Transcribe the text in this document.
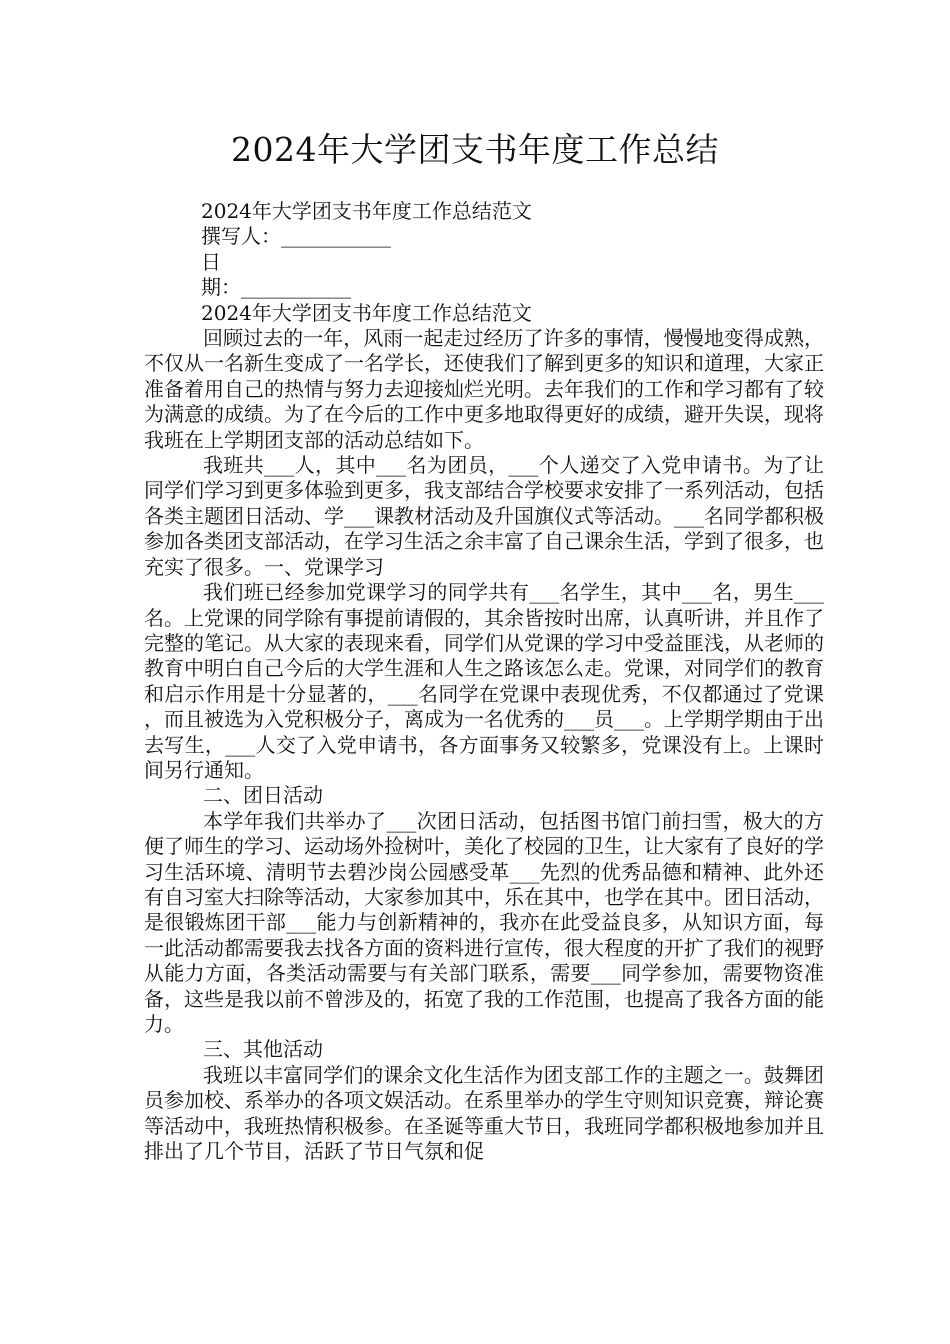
2024年大学团支书年度工作总结
2024年大学团支书年度工作总结范文
撰写人：___________
日
期：___________
2024年大学团支书年度工作总结范文

回顾过去的一年，风雨一起走过经历了许多的事情，慢慢地变得成熟，不仅从一名新生变成了一名学长，还使我们了解到更多的知识和道理，大家正准备着用自己的热情与努力去迎接灿烂光明。去年我们的工作和学习都有了较为满意的成绩。为了在今后的工作中更多地取得更好的成绩，避开失误，现将我班在上学期团支部的活动总结如下。

我班共___人，其中___名为团员，___个人递交了入党申请书。为了让同学们学习到更多体验到更多，我支部结合学校要求安排了一系列活动，包括各类主题团日活动、学___课教材活动及升国旗仪式等活动。___名同学都积极参加各类团支部活动，在学习生活之余丰富了自己课余生活，学到了很多，也充实了很多。一、党课学习

我们班已经参加党课学习的同学共有___名学生，其中___名，男生___名。上党课的同学除有事提前请假的，其余皆按时出席，认真听讲，并且作了完整的笔记。从大家的表现来看，同学们从党课的学习中受益匪浅，从老师的教育中明白自己今后的大学生涯和人生之路该怎么走。党课，对同学们的教育和启示作用是十分显著的，___名同学在党课中表现优秀，不仅都通过了党课，而且被选为入党积极分子，离成为一名优秀的___员___。上学期学期由于出去写生，___人交了入党申请书，各方面事务又较繁多，党课没有上。上课时间另行通知。

二、团日活动

本学年我们共举办了___次团日活动，包括图书馆门前扫雪，极大的方便了师生的学习、运动场外捡树叶，美化了校园的卫生，让大家有了良好的学习生活环境、清明节去碧沙岗公园感受革___先烈的优秀品德和精神、此外还有自习室大扫除等活动，大家参加其中，乐在其中，也学在其中。团日活动，是很锻炼团干部___能力与创新精神的，我亦在此受益良多，从知识方面，每一此活动都需要我去找各方面的资料进行宣传，很大程度的开扩了我们的视野从能力方面，各类活动需要与有关部门联系，需要___同学参加，需要物资准备，这些是我以前不曾涉及的，拓宽了我的工作范围，也提高了我各方面的能力。

三、其他活动

我班以丰富同学们的课余文化生活作为团支部工作的主题之一。鼓舞团员参加校、系举办的各项文娱活动。在系里举办的学生守则知识竞赛，辩论赛等活动中，我班热情积极参。在圣诞等重大节日，我班同学都积极地参加并且排出了几个节目，活跃了节日气氛和促
